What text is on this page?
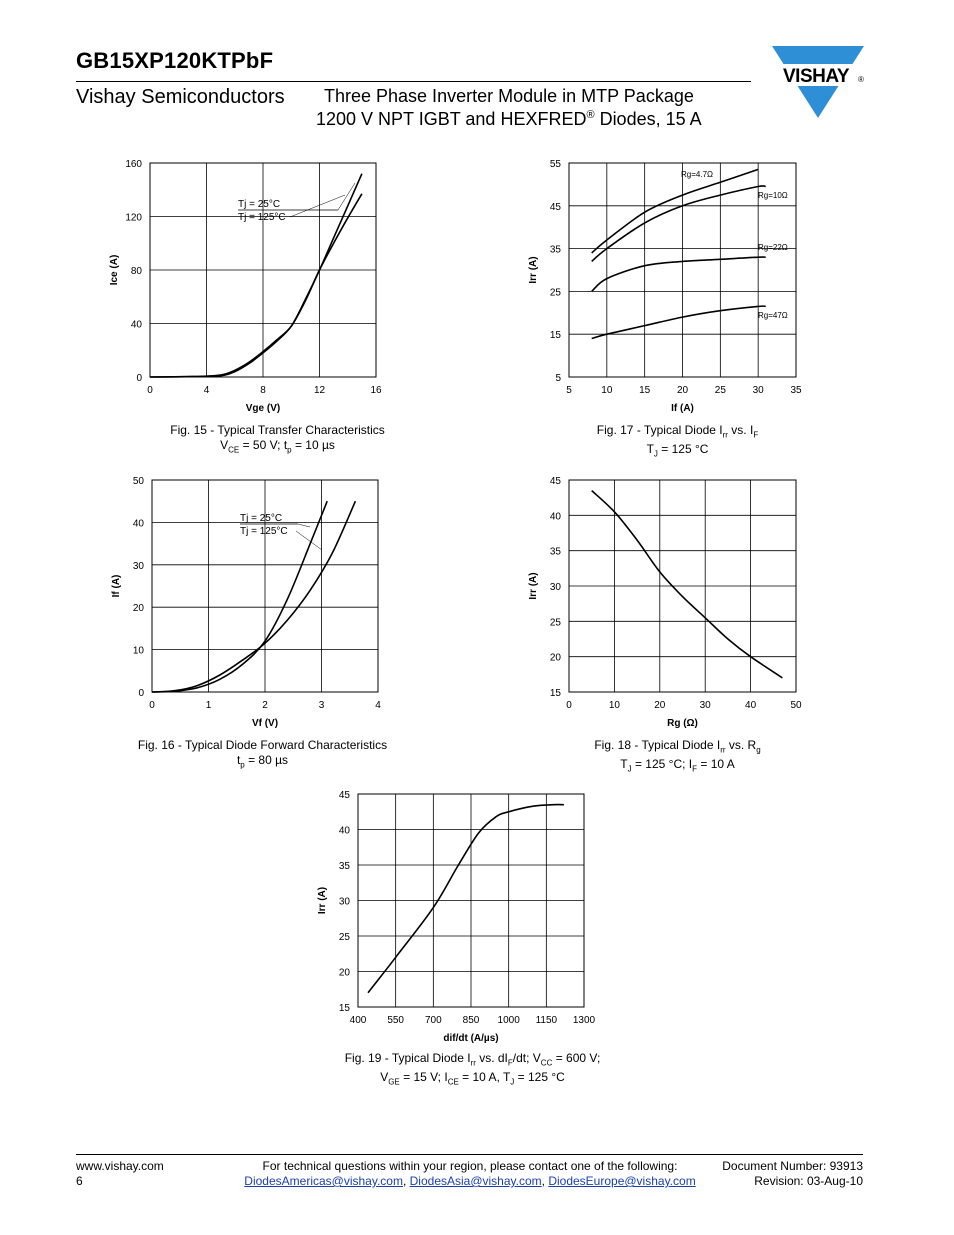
GB15XP120KTPbF
Vishay Semiconductors Three Phase Inverter Module in MTP Package
1200 V NPT IGBT and HEXFRED® Diodes, 15 A
VISHAY ®
0	4	8	12	16
0
40
80
120
160
Vge (V)
Ice (A)
Tj = 25°C
Tj = 125°C
Fig. 15 - Typical Transfer Characteristics
$V_{CE} = 50$ V; $t_p = 10$ µs
5	10	15	20	25	30	35
5
15
25
35
45
55
If (A)
Irr (A)
Rg=4.7Ω
Rg=10Ω
Rg=22Ω
Rg=47Ω
Fig. 17 - Typical Diode $I_{rr}$ vs. $I_F$
$T_J = 125$ °C
0	1	2	3	4
0
10
20
30
40
50
Vf (V)
If (A)
Tj = 25°C
Tj = 125°C
Fig. 16 - Typical Diode Forward Characteristics
$t_p = 80$ µs
0	10	20	30	40	50
15
20
25
30
35
40
45
Rg (Ω)
Irr (A)
Fig. 18 - Typical Diode $I_{rr}$ vs. $R_g$
$T_J = 125$ °C; $I_F = 10$ A
400 550 700 850 1000 1150 1300
15
20
25
30
35
40
45
dif/dt (A/µs)
Irr (A)
Fig. 19 - Typical Diode $I_{rr}$ vs. $dI_F/dt$; $V_{CC} = 600$ V;
$V_{GE} = 15$ V; $I_{CE} = 10$ A, $T_J = 125$ °C
www.vishay.com
6
For technical questions within your region, please contact one of the following:
DiodesAmericas@vishay.com, DiodesAsia@vishay.com, DiodesEurope@vishay.com
Document Number: 93913
Revision: 03-Aug-10
